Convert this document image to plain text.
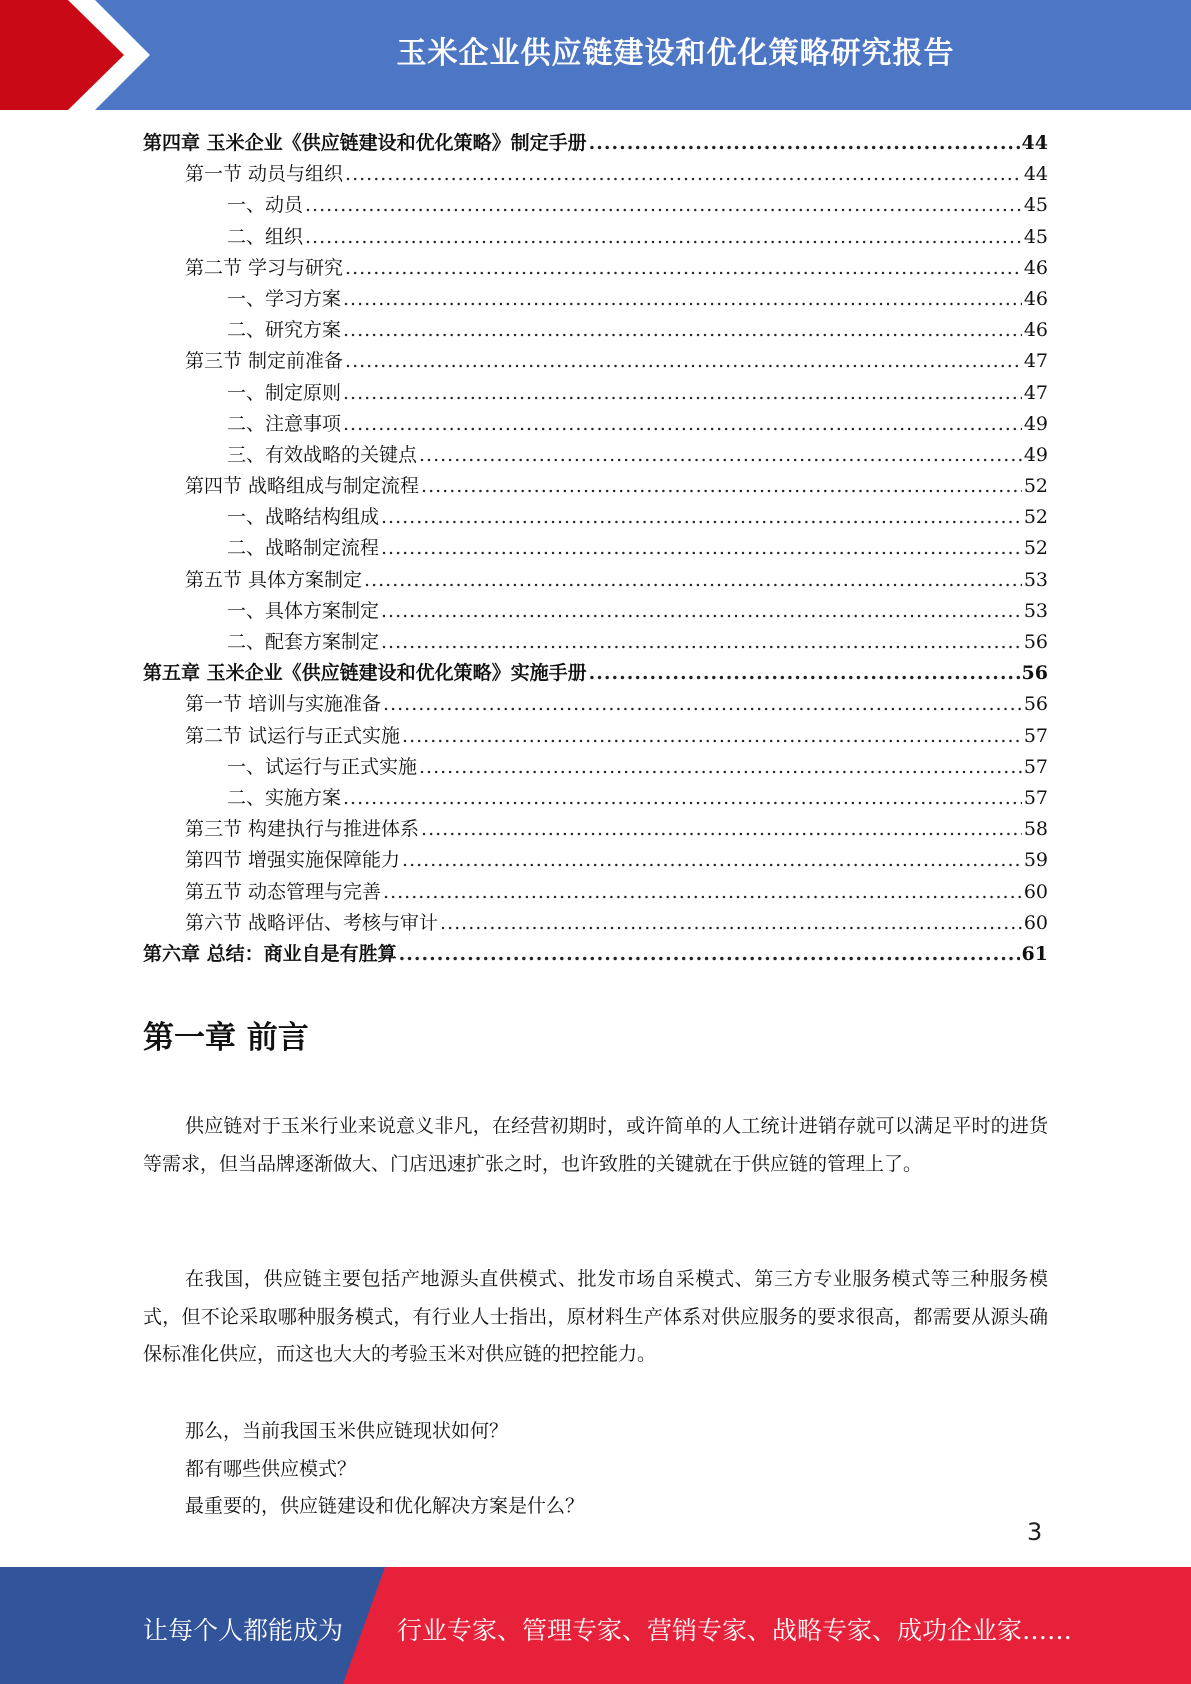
玉米企业供应链建设和优化策略研究报告
第四章 玉米企业《供应链建设和优化策略》制定手册 .....	44
第一节 动员与组织 .....	44
一、动员 .....	45
二、组织 .....	45
第二节 学习与研究 .....	46
一、学习方案 .....	46
二、研究方案 .....	46
第三节 制定前准备 .....	47
一、制定原则 .....	47
二、注意事项 .....	49
三、有效战略的关键点 .....	49
第四节 战略组成与制定流程 .....	52
一、战略结构组成 .....	52
二、战略制定流程 .....	52
第五节 具体方案制定 .....	53
一、具体方案制定 .....	53
二、配套方案制定 .....	56
第五章 玉米企业《供应链建设和优化策略》实施手册 .....	56
第一节 培训与实施准备 .....	56
第二节 试运行与正式实施 .....	57
一、试运行与正式实施 .....	57
二、实施方案 .....	57
第三节 构建执行与推进体系 .....	58
第四节 增强实施保障能力 .....	59
第五节 动态管理与完善 .....	60
第六节 战略评估、考核与审计 .....	60
第六章 总结：商业自是有胜算 .....	61
第一章 前言

供应链对于玉米行业来说意义非凡，在经营初期时，或许简单的人工统计进销存就可以满足平时的进货等需求，但当品牌逐渐做大、门店迅速扩张之时，也许致胜的关键就在于供应链的管理上了。

在我国，供应链主要包括产地源头直供模式、批发市场自采模式、第三方专业服务模式等三种服务模式，但不论采取哪种服务模式，有行业人士指出，原材料生产体系对供应服务的要求很高，都需要从源头确保标准化供应，而这也大大的考验玉米对供应链的把控能力。

那么，当前我国玉米供应链现状如何？
都有哪些供应模式？
最重要的，供应链建设和优化解决方案是什么？
3
让每个人都能成为 行业专家、管理专家、营销专家、战略专家、成功企业家……
